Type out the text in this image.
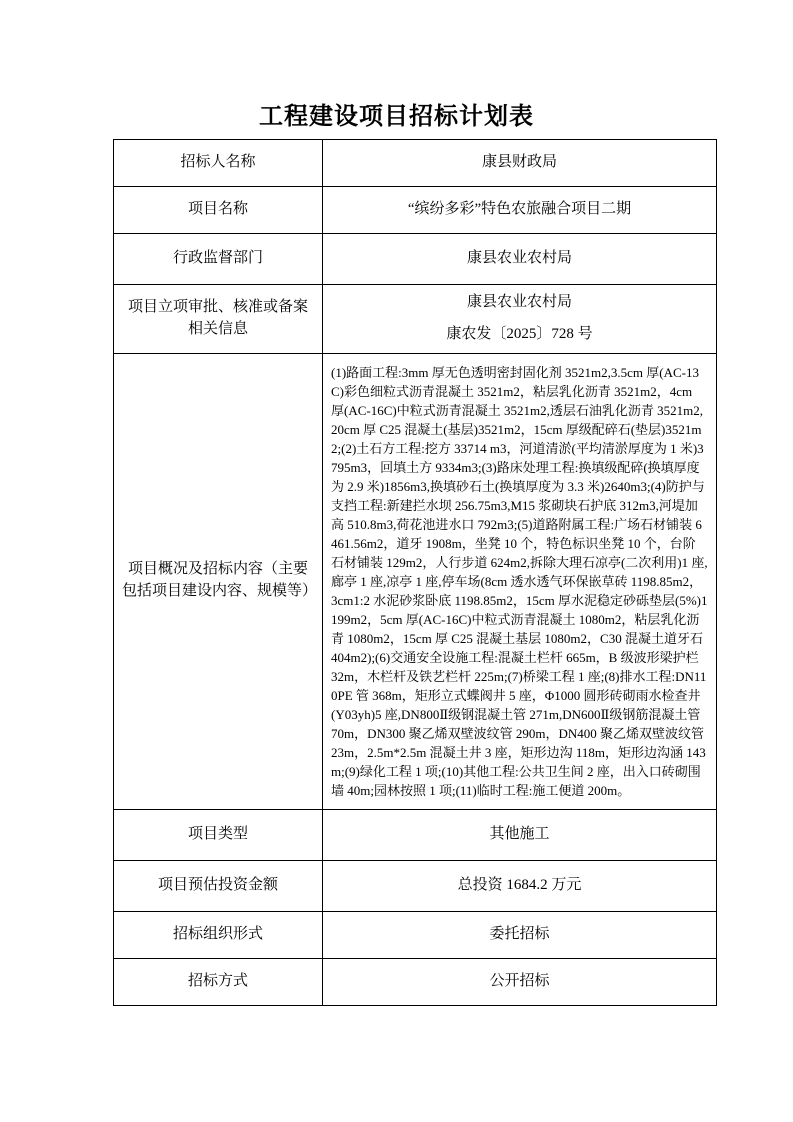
工程建设项目招标计划表
招标人名称	康县财政局
项目名称	“缤纷多彩”特色农旅融合项目二期
行政监督部门	康县农业农村局
项目立项审批、核准或备案相关信息	康县农业农村局
康农发〔2025〕728 号

项目概况及招标内容（主要包括项目建设内容、规模等）	(1)路面工程:3mm 厚无色透明密封固化剂 3521m2,3.5cm 厚(AC-13C)彩色细粒式沥青混凝土 3521m2，粘层乳化沥青 3521m2，4cm 厚(AC-16C)中粒式沥青混凝土 3521m2,透层石油乳化沥青 3521m2,20cm 厚 C25 混凝土(基层)3521m2，15cm 厚级配碎石(垫层)3521m2;(2)土石方工程:挖方 33714 m3，河道清淤(平均清淤厚度为 1 米)3795m3，回填土方 9334m3;(3)路床处理工程:换填级配碎(换填厚度为 2.9 米)1856m3,换填砂石土(换填厚度为 3.3 米)2640m3;(4)防护与支挡工程:新建拦水坝 256.75m3,M15 浆砌块石护底 312m3,河堤加高 510.8m3,荷花池进水口 792m3;(5)道路附属工程:广场石材铺装 6461.56m2，道牙 1908m，坐凳 10 个，特色标识坐凳 10 个，台阶石材铺装 129m2，人行步道 624m2,拆除大理石凉亭(二次利用)1 座,廊亭 1 座,凉亭 1 座,停车场(8cm 透水透气环保嵌草砖 1198.85m2，3cm1:2 水泥砂浆卧底 1198.85m2，15cm 厚水泥稳定砂砾垫层(5%)1199m2，5cm 厚(AC-16C)中粒式沥青混凝土 1080m2，粘层乳化沥青 1080m2，15cm 厚 C25 混凝土基层 1080m2，C30 混凝土道牙石 404m2);(6)交通安全设施工程:混凝土栏杆 665m，B 级波形梁护栏 32m，木栏杆及铁艺栏杆 225m;(7)桥梁工程 1 座;(8)排水工程:DN110PE 管 368m，矩形立式蝶阀井 5 座，Φ1000 圆形砖砌雨水检查井(Y03yh)5 座,DN800Ⅱ级钢混凝土管 271m,DN600Ⅱ级钢筋混凝土管 70m，DN300 聚乙烯双壁波纹管 290m，DN400 聚乙烯双壁波纹管 23m，2.5m*2.5m 混凝土井 3 座，矩形边沟 118m，矩形边沟涵 143m;(9)绿化工程 1 项;(10)其他工程:公共卫生间 2 座，出入口砖砌围墙 40m;园林按照 1 项;(11)临时工程:施工便道 200m。
项目类型	其他施工
项目预估投资金额	总投资 1684.2 万元
招标组织形式	委托招标
招标方式	公开招标
